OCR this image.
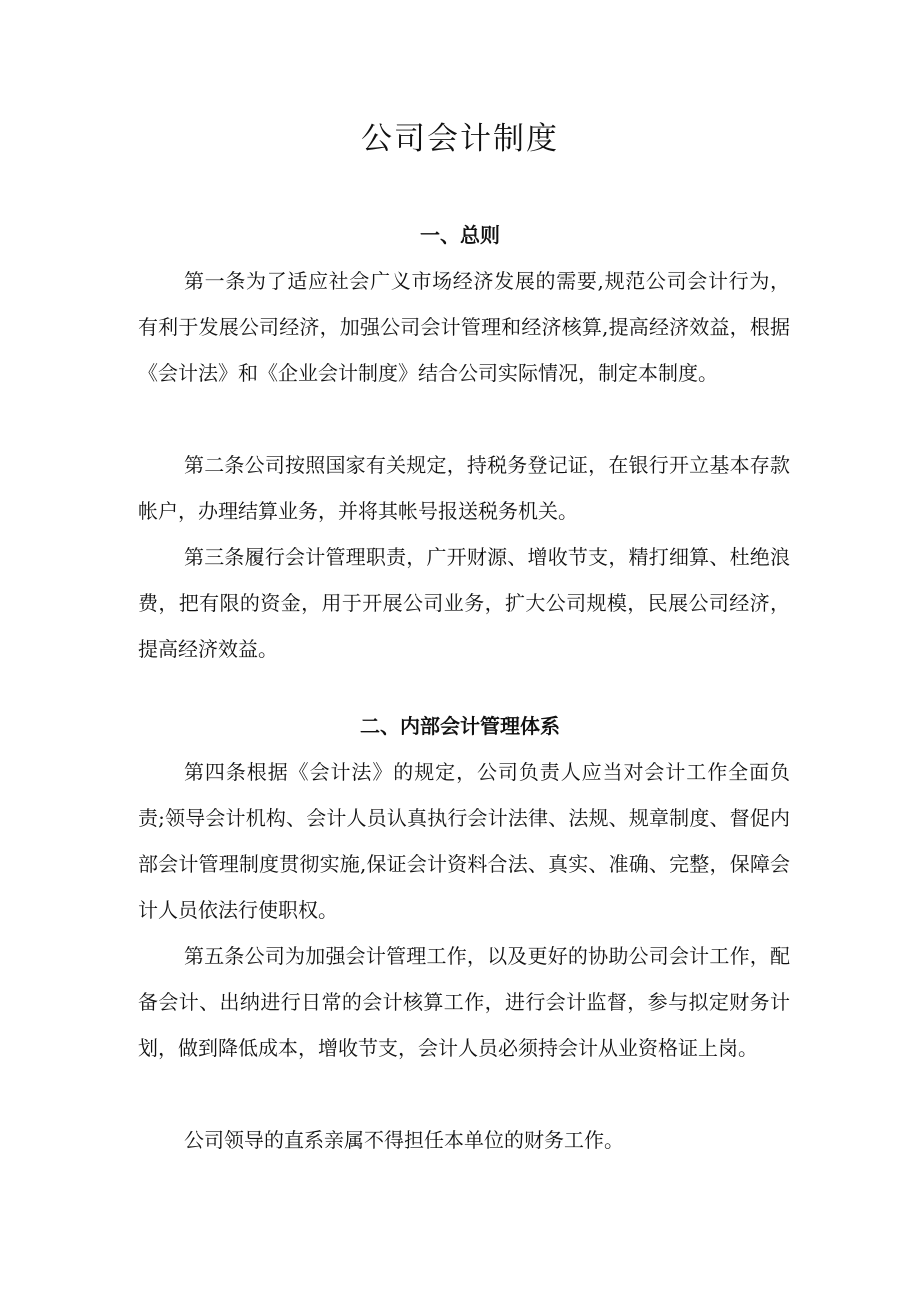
公司会计制度
一、总则

第一条为了适应社会广义市场经济发展的需要,规范公司会计行为，有利于发展公司经济，加强公司会计管理和经济核算,提高经济效益，根据《会计法》和《企业会计制度》结合公司实际情况，制定本制度。

第二条公司按照国家有关规定，持税务登记证，在银行开立基本存款帐户，办理结算业务，并将其帐号报送税务机关。

第三条履行会计管理职责，广开财源、增收节支，精打细算、杜绝浪费，把有限的资金，用于开展公司业务，扩大公司规模，民展公司经济，提高经济效益。

二、内部会计管理体系

第四条根据《会计法》的规定，公司负责人应当对会计工作全面负责;领导会计机构、会计人员认真执行会计法律、法规、规章制度、督促内部会计管理制度贯彻实施,保证会计资料合法、真实、准确、完整，保障会计人员依法行使职权。

第五条公司为加强会计管理工作，以及更好的协助公司会计工作，配备会计、出纳进行日常的会计核算工作，进行会计监督，参与拟定财务计划，做到降低成本，增收节支，会计人员必须持会计从业资格证上岗。

公司领导的直系亲属不得担任本单位的财务工作。
